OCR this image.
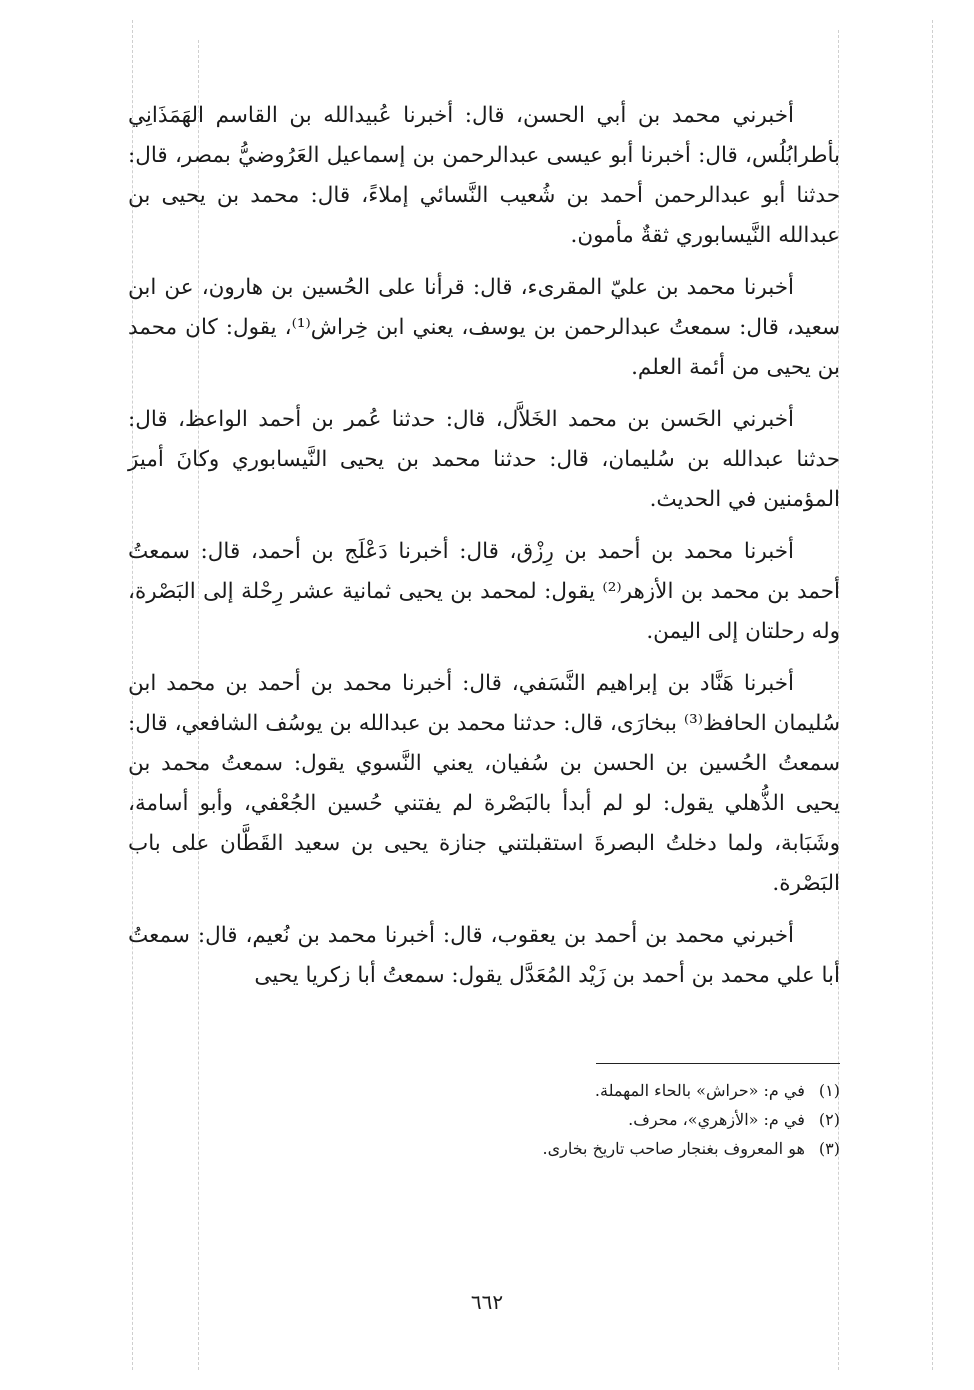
أخبرني محمد بن أبي الحسن، قال: أخبرنا عُبيدالله بن القاسم الهَمَذَانِي بأطرابُلُس، قال: أخبرنا أبو عيسى عبدالرحمن بن إسماعيل العَرُوضيُّ بمصر، قال: حدثنا أبو عبدالرحمن أحمد بن شُعيب النَّسائي إملاءً، قال: محمد بن يحيى بن عبدالله النَّيسابوري ثقةٌ مأمون.

أخبرنا محمد بن عليّ المقرىء، قال: قرأنا على الحُسين بن هارون، عن ابن سعيد، قال: سمعتُ عبدالرحمن بن يوسف، يعني ابن خِراش⁽¹⁾، يقول: كان محمد بن يحيى من أئمة العلم.

أخبرني الحَسن بن محمد الخَلاَّل، قال: حدثنا عُمر بن أحمد الواعظ، قال: حدثنا عبدالله بن سُليمان، قال: حدثنا محمد بن يحيى النَّيسابوري وكانَ أميرَ المؤمنين في الحديث.

أخبرنا محمد بن أحمد بن رِزْق، قال: أخبرنا دَعْلَج بن أحمد، قال: سمعتُ أحمد بن محمد بن الأزهر⁽²⁾ يقول: لمحمد بن يحيى ثمانية عشر رِحْلة إلى البَصْرة، وله رحلتان إلى اليمن.

أخبرنا هَنَّاد بن إبراهيم النَّسَفي، قال: أخبرنا محمد بن أحمد بن محمد ابن سُليمان الحافظ⁽³⁾ ببخارَى، قال: حدثنا محمد بن عبدالله بن يوسُف الشافعي، قال: سمعتُ الحُسين بن الحسن بن سُفيان، يعني النَّسوي يقول: سمعتُ محمد بن يحيى الذُّهلي يقول: لو لم أبدأ بالبَصْرة لم يفتني حُسين الجُعْفي، وأبو أسامة، وشَبَابة، ولما دخلتُ البصرةَ استقبلتني جنازة يحيى بن سعيد القَطَّان على باب البَصْرة.

أخبرني محمد بن أحمد بن يعقوب، قال: أخبرنا محمد بن نُعيم، قال: سمعتُ أبا علي محمد بن أحمد بن زَيْد المُعَدَّل يقول: سمعتُ أبا زكريا يحيى

(١)
في م: «حراش» بالحاء المهملة.
(٢)
في م: «الأزهري»، محرف.
(٣)
هو المعروف بغنجار صاحب تاريخ بخارى.
٦٦٢
